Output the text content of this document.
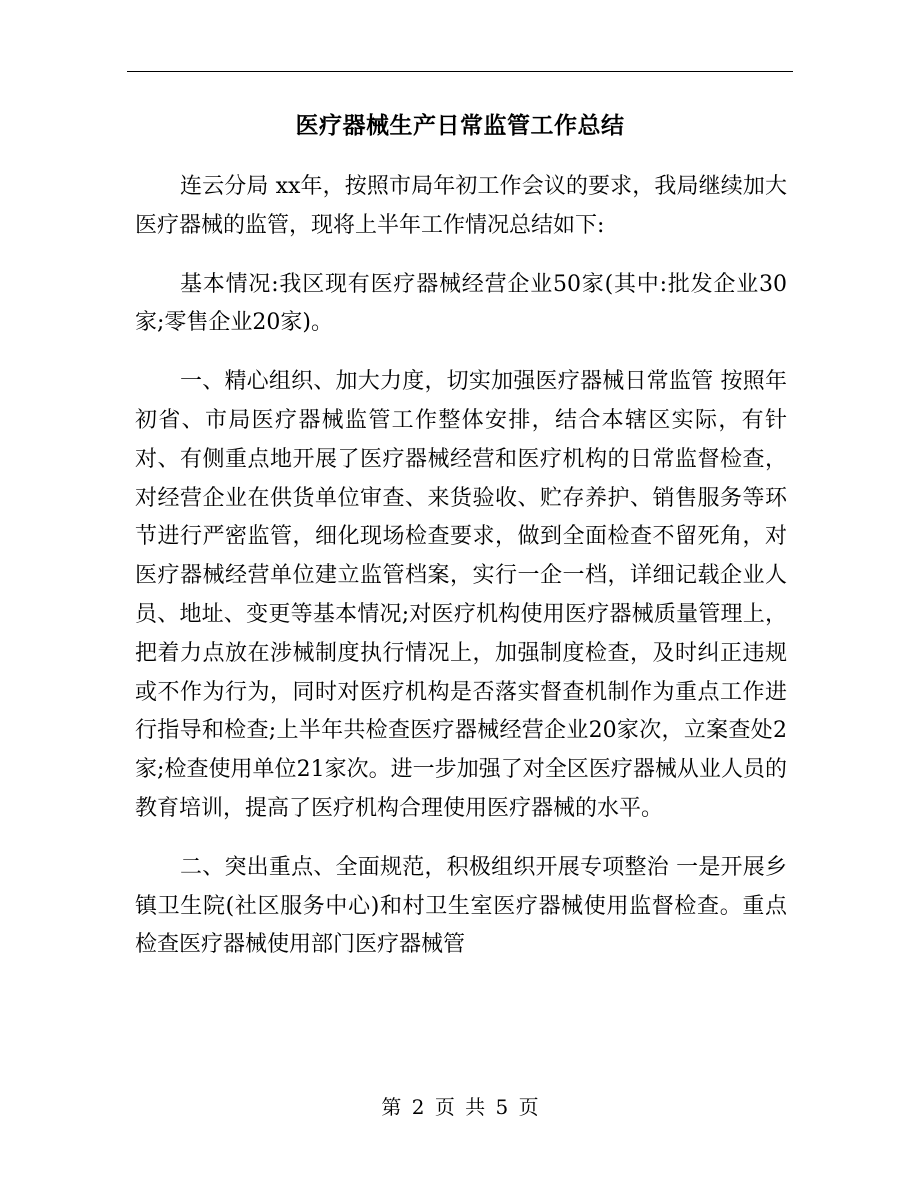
医疗器械生产日常监管工作总结

连云分局 xx年，按照市局年初工作会议的要求，我局继续加大医疗器械的监管，现将上半年工作情况总结如下:

基本情况:我区现有医疗器械经营企业50家(其中:批发企业30家;零售企业20家)。

一、精心组织、加大力度，切实加强医疗器械日常监管 按照年初省、市局医疗器械监管工作整体安排，结合本辖区实际，有针对、有侧重点地开展了医疗器械经营和医疗机构的日常监督检查，对经营企业在供货单位审查、来货验收、贮存养护、销售服务等环节进行严密监管，细化现场检查要求，做到全面检查不留死角，对医疗器械经营单位建立监管档案，实行一企一档，详细记载企业人员、地址、变更等基本情况;对医疗机构使用医疗器械质量管理上，把着力点放在涉械制度执行情况上，加强制度检查，及时纠正违规或不作为行为，同时对医疗机构是否落实督查机制作为重点工作进行指导和检查;上半年共检查医疗器械经营企业20家次，立案查处2家;检查使用单位21家次。进一步加强了对全区医疗器械从业人员的教育培训，提高了医疗机构合理使用医疗器械的水平。

二、突出重点、全面规范，积极组织开展专项整治 一是开展乡镇卫生院(社区服务中心)和村卫生室医疗器械使用监督检查。重点检查医疗器械使用部门医疗器械管

第 2 页 共 5 页
